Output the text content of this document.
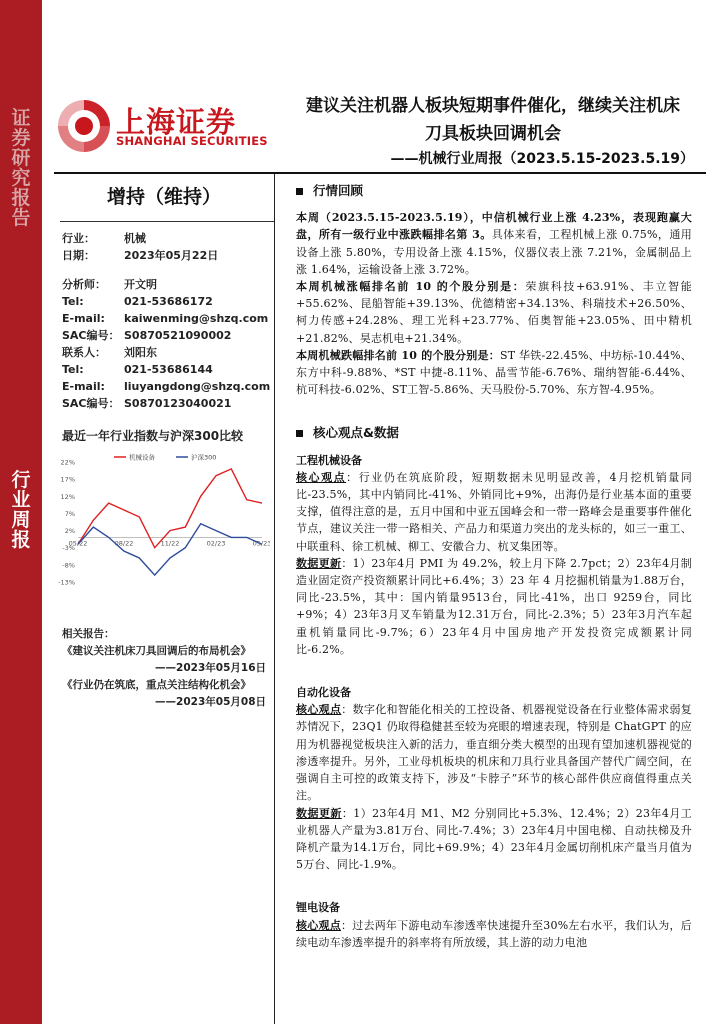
证
券
研
究
报
告
行
业
周
报
上海证券
SHANGHAI SECURITIES
建议关注机器人板块短期事件催化，继续关注机床
刀具板块回调机会
——机械行业周报（2023.5.15-2023.5.19）
增持（维持）
行业：	机械
日期：	2023年05月22日
分析师：	开文明
Tel:	021-53686172
E-mail:	kaiwenming@shzq.com
SAC编号： S0870521090002
联系人：	刘阳东
Tel:	021-53686144
E-mail:	liuyangdong@shzq.com
SAC编号： S0870123040021
最近一年行业指数与沪深300比较
22%
17%
12%
7%
2%
-3%
-8%
-13%
05/22	08/22	11/22	02/23	05/23
机械设备	沪深300
相关报告：
《建议关注机床刀具回调后的布局机会》
——2023年05月16日
《行业仍在筑底，重点关注结构化机会》
——2023年05月08日
行情回顾
本周（2023.5.15-2023.5.19），中信机械行业上涨 4.23%，表现跑赢大盘，所有一级行业中涨跌幅排名第 3。具体来看，工程机械上涨 0.75%，通用设备上涨 5.80%，专用设备上涨 4.15%，仪器仪表上涨 7.21%，金属制品上涨 1.64%，运输设备上涨 3.72%。
本周机械涨幅排名前 10 的个股分别是：荣旗科技+63.91%、丰立智能+55.62%、昆船智能+39.13%、优德精密+34.13%、科瑞技术+26.50%、柯力传感+24.28%、理工光科+23.77%、佰奥智能+23.05%、田中精机+21.82%、昊志机电+21.34%。
本周机械跌幅排名前 10 的个股分别是：ST 华铁-22.45%、中坊标-10.44%、东方中科-9.88%、*ST 中捷-8.11%、晶雪节能-6.76%、瑞纳智能-6.44%、杭可科技-6.02%、ST工智-5.86%、天马股份-5.70%、东方智-4.95%。
核心观点&数据
工程机械设备
核心观点：行业仍在筑底阶段，短期数据未见明显改善，4月挖机销量同比-23.5%，其中内销同比-41%、外销同比+9%，出海仍是行业基本面的重要支撑，值得注意的是，五月中国和中亚五国峰会和一带一路峰会是重要事件催化节点，建议关注一带一路相关、产品力和渠道力突出的龙头标的，如三一重工、中联重科、徐工机械、柳工、安徽合力、杭叉集团等。
数据更新：1）23年4月 PMI 为 49.2%，较上月下降 2.7pct；2）23年4月制造业固定资产投资额累计同比+6.4%；3）23 年 4 月挖掘机销量为1.88万台，同比-23.5%，其中：国内销量9513台，同比-41%，出口 9259台，同比+9%；4）23年3月叉车销量为12.31万台，同比-2.3%；5）23年3月汽车起重机销量同比-9.7%；6）23年4月中国房地产开发投资完成额累计同比-6.2%。
自动化设备
核心观点：数字化和智能化相关的工控设备、机器视觉设备在行业整体需求弱复苏情况下，23Q1 仍取得稳健甚至较为亮眼的增速表现，特别是 ChatGPT 的应用为机器视觉板块注入新的活力，垂直细分类大模型的出现有望加速机器视觉的渗透率提升。另外，工业母机板块的机床和刀具行业具备国产替代广阔空间，在强调自主可控的政策支持下，涉及“卡脖子”环节的核心部件供应商值得重点关注。
数据更新：1）23年4月 M1、M2 分别同比+5.3%、12.4%；2）23年4月工业机器人产量为3.81万台、同比-7.4%；3）23年4月中国电梯、自动扶梯及升降机产量为14.1万台，同比+69.9%；4）23年4月金属切削机床产量当月值为5万台、同比-1.9%。
锂电设备
核心观点：过去两年下游电动车渗透率快速提升至30%左右水平，我们认为，后续电动车渗透率提升的斜率将有所放缓，其上游的动力电池
